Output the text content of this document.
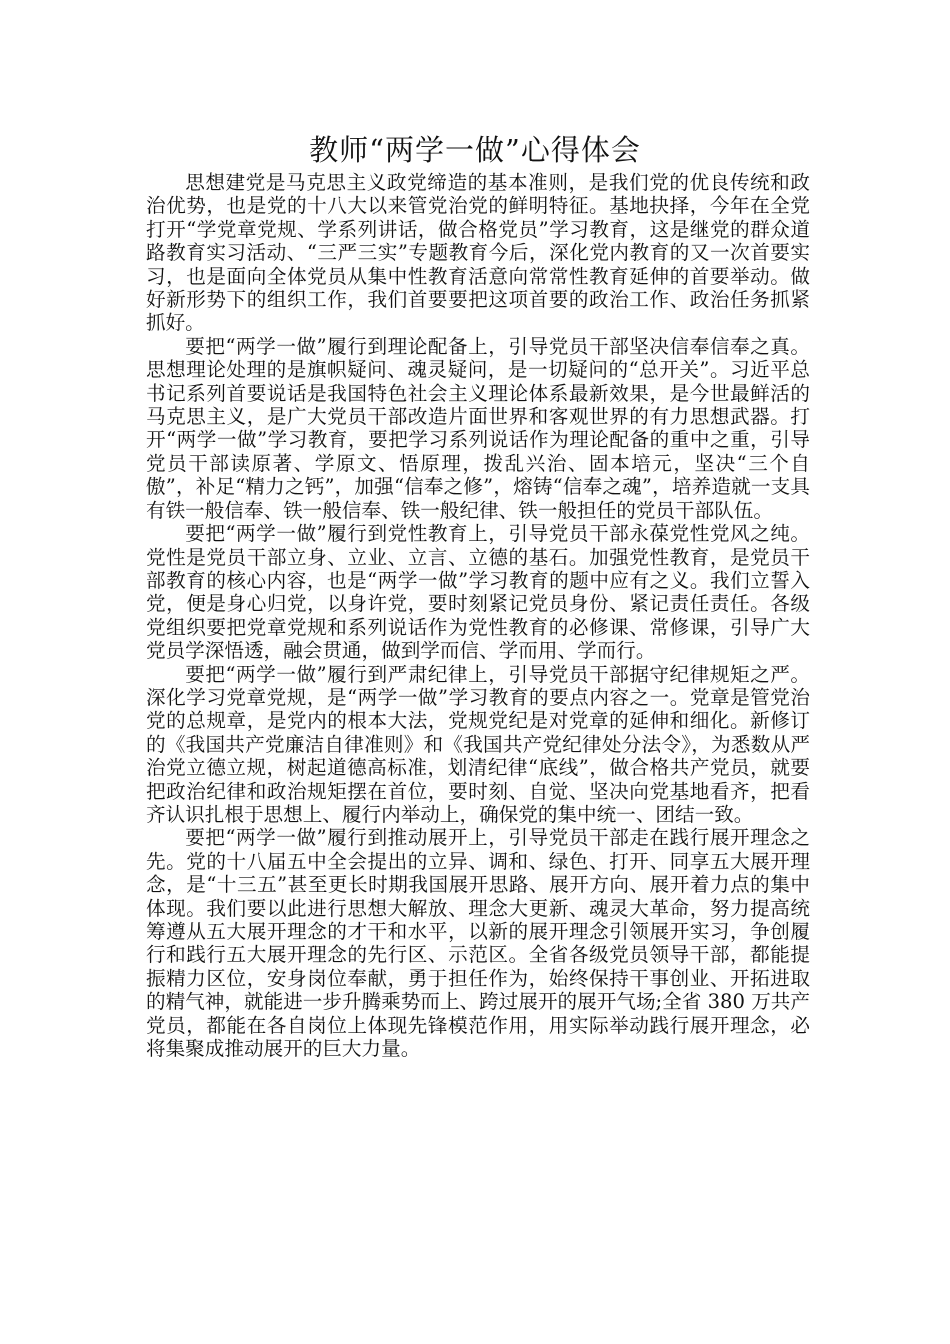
教师“两学一做”心得体会

思想建党是马克思主义政党缔造的基本准则，是我们党的优良传统和政治优势，也是党的十八大以来管党治党的鲜明特征。基地抉择，今年在全党打开“学党章党规、学系列讲话，做合格党员”学习教育，这是继党的群众道路教育实习活动、“三严三实”专题教育今后，深化党内教育的又一次首要实习，也是面向全体党员从集中性教育活意向常常性教育延伸的首要举动。做好新形势下的组织工作，我们首要要把这项首要的政治工作、政治任务抓紧抓好。

要把“两学一做”履行到理论配备上，引导党员干部坚决信奉信奉之真。思想理论处理的是旗帜疑问、魂灵疑问，是一切疑问的“总开关”。习近平总书记系列首要说话是我国特色社会主义理论体系最新效果，是今世最鲜活的马克思主义，是广大党员干部改造片面世界和客观世界的有力思想武器。打开“两学一做”学习教育，要把学习系列说话作为理论配备的重中之重，引导党员干部读原著、学原文、悟原理，拨乱兴治、固本培元，坚决“三个自傲”，补足“精力之钙”，加强“信奉之修”，熔铸“信奉之魂”，培养造就一支具有铁一般信奉、铁一般信奉、铁一般纪律、铁一般担任的党员干部队伍。

要把“两学一做”履行到党性教育上，引导党员干部永葆党性党风之纯。党性是党员干部立身、立业、立言、立德的基石。加强党性教育，是党员干部教育的核心内容，也是“两学一做”学习教育的题中应有之义。我们立誓入党，便是身心归党，以身许党，要时刻紧记党员身份、紧记责任责任。各级党组织要把党章党规和系列说话作为党性教育的必修课、常修课，引导广大党员学深悟透，融会贯通，做到学而信、学而用、学而行。

要把“两学一做”履行到严肃纪律上，引导党员干部据守纪律规矩之严。深化学习党章党规，是“两学一做”学习教育的要点内容之一。党章是管党治党的总规章，是党内的根本大法，党规党纪是对党章的延伸和细化。新修订的《我国共产党廉洁自律准则》和《我国共产党纪律处分法令》，为悉数从严治党立德立规，树起道德高标准，划清纪律“底线”，做合格共产党员，就要把政治纪律和政治规矩摆在首位，要时刻、自觉、坚决向党基地看齐，把看齐认识扎根于思想上、履行内举动上，确保党的集中统一、团结一致。

要把“两学一做”履行到推动展开上，引导党员干部走在践行展开理念之先。党的十八届五中全会提出的立异、调和、绿色、打开、同享五大展开理念，是“十三五”甚至更长时期我国展开思路、展开方向、展开着力点的集中体现。我们要以此进行思想大解放、理念大更新、魂灵大革命，努力提高统筹遵从五大展开理念的才干和水平，以新的展开理念引领展开实习，争创履行和践行五大展开理念的先行区、示范区。全省各级党员领导干部，都能提振精力区位，安身岗位奉献，勇于担任作为，始终保持干事创业、开拓进取的精气神，就能进一步升腾乘势而上、跨过展开的展开气场;全省 380 万共产党员，都能在各自岗位上体现先锋模范作用，用实际举动践行展开理念，必将集聚成推动展开的巨大力量。
